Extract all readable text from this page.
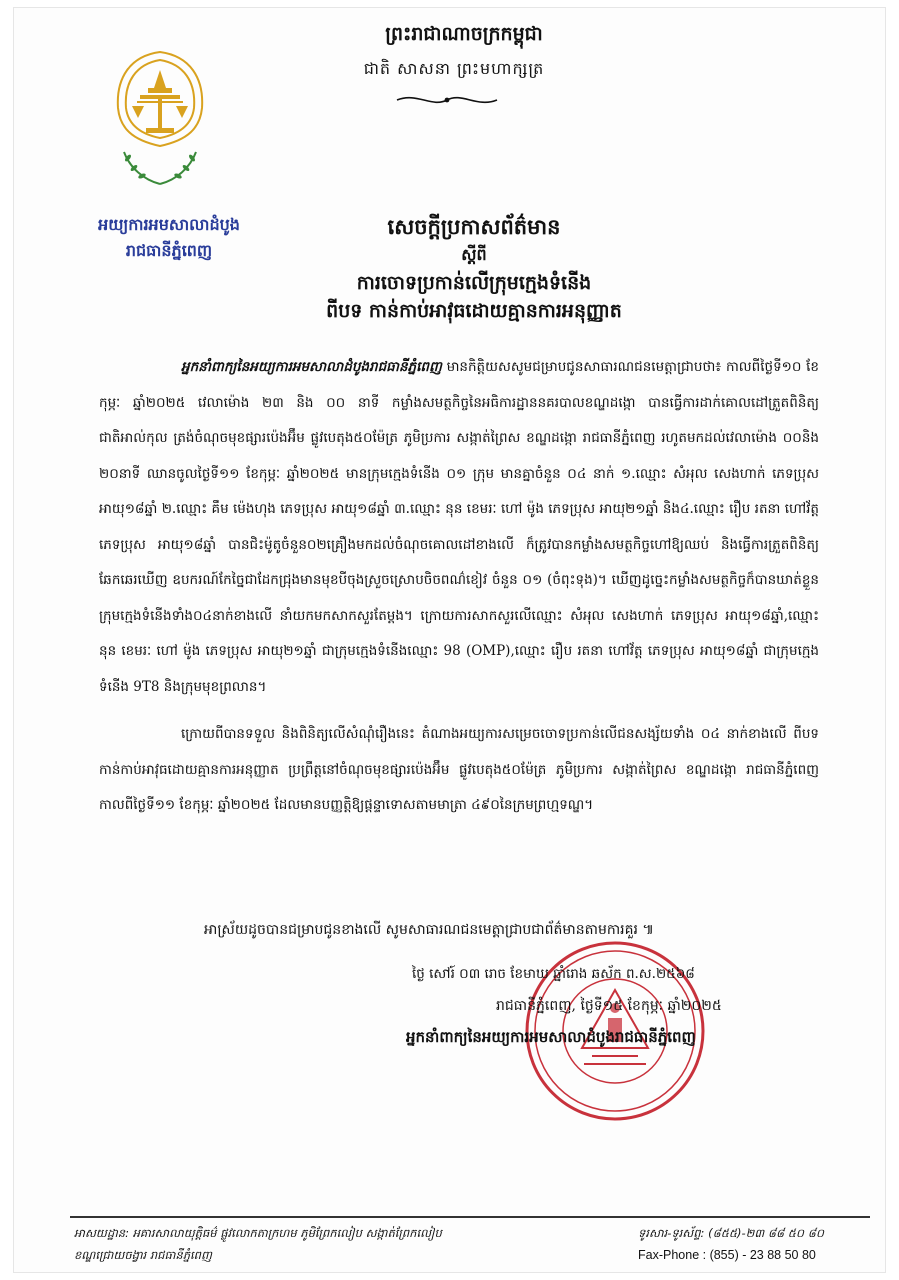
ព្រះរាជាណាចក្រកម្ពុជា
ជាតិ សាសនា ព្រះមហាក្សត្រ
អយ្យការអមសាលាដំបូង
រាជធានីភ្នំពេញ
សេចក្តីប្រកាសព័ត៌មាន
ស្តីពី
ការចោទប្រកាន់លើក្រុមក្មេងទំនើង
ពីបទ កាន់កាប់អាវុធដោយគ្មានការអនុញ្ញាត

អ្នកនាំពាក្យនៃអយ្យការអមសាលាដំបូងរាជធានីភ្នំពេញ មានកិត្តិយសសូមជម្រាបជូនសាធារណជនមេត្តាជ្រាបថា៖ កាលពីថ្ងៃទី១០ ខែកុម្ភៈ ឆ្នាំ២០២៥ វេលាម៉ោង ២៣ និង ០០ នាទី កម្លាំងសមត្ថកិច្ចនៃអធិការដ្ឋាននគរបាលខណ្ឌដង្កោ បានធ្វើការដាក់គោលដៅត្រួតពិនិត្យជាតិអាល់កុល ត្រង់ចំណុចមុខផ្សារប៉េងអ៊ឹម ផ្លូវបេតុង៥០ម៉ែត្រ ភូមិប្រការ សង្កាត់ព្រៃស ខណ្ឌដង្កោ រាជធានីភ្នំពេញ រហូតមកដល់វេលាម៉ោង ០០និង ២០នាទី ឈានចូលថ្ងៃទី១១ ខែកុម្ភៈ ឆ្នាំ២០២៥ មានក្រុមក្មេងទំនើង ០១ ក្រុម មានគ្នាចំនួន ០៤ នាក់ ១.ឈ្មោះ សំអុល សេងហាក់ ភេទប្រុស អាយុ១៨ឆ្នាំ ២.ឈ្មោះ គឹម ម៉េងហុង ភេទប្រុស អាយុ១៨ឆ្នាំ ៣.ឈ្មោះ នុន ខេមរៈ ហៅ ម៉ូង ភេទប្រុស អាយុ២១ឆ្នាំ និង៤.ឈ្មោះ រឿប រតនា ហៅវ័ត្ត ភេទប្រុស អាយុ១៨ឆ្នាំ បានជិះម៉ូតូចំនួន០២គ្រឿងមកដល់ចំណុចគោលដៅខាងលើ ក៏ត្រូវបានកម្លាំងសមត្ថកិច្ចហៅឱ្យឈប់ និងធ្វើការត្រួតពិនិត្យឆែកឆេរឃើញ ឧបករណ៍កែច្នៃជាដែកជ្រុងមានមុខបីចុងស្រួចស្រោបចិចពណ៌ខៀវ ចំនួន ០១ (ចំពុះទុង)។ ឃើញដូច្នេះកម្លាំងសមត្ថកិច្ចក៏បានឃាត់ខ្លួនក្រុមក្មេងទំនើងទាំង០៤នាក់ខាងលើ នាំយកមកសាកសួរតែម្តង។ ក្រោយការសាកសួរលើឈ្មោះ សំអុល សេងហាក់ ភេទប្រុស អាយុ១៨ឆ្នាំ,ឈ្មោះ នុន ខេមរៈ ហៅ ម៉ូង ភេទប្រុស អាយុ២១ឆ្នាំ ជាក្រុមក្មេងទំនើងឈ្មោះ 98 (OMP),ឈ្មោះ រឿប រតនា ហៅវ័ត្ត ភេទប្រុស អាយុ១៨ឆ្នាំ ជាក្រុមក្មេងទំនើង 9T8 និងក្រុមមុខព្រលាន។

ក្រោយពីបានទទួល និងពិនិត្យលើសំណុំរឿងនេះ តំណាងអយ្យការសម្រេចចោទប្រកាន់លើជនសង្ស័យទាំង ០៤ នាក់ខាងលើ ពីបទ កាន់កាប់អាវុធដោយគ្មានការអនុញ្ញាត ប្រព្រឹត្តនៅចំណុចមុខផ្សារប៉េងអ៊ឹម ផ្លូវបេតុង៥០ម៉ែត្រ ភូមិប្រការ សង្កាត់ព្រៃស ខណ្ឌដង្កោ រាជធានីភ្នំពេញ កាលពីថ្ងៃទី១១ ខែកុម្ភៈ ឆ្នាំ២០២៥ ដែលមានបញ្ញត្តិឱ្យផ្តន្ទាទោសតាមមាត្រា ៤៩០នៃក្រមព្រហ្មទណ្ឌ។

អាស្រ័យដូចបានជម្រាបជូនខាងលើ សូមសាធារណជនមេត្តាជ្រាបជាព័ត៌មានតាមការគួរ ៕
ថ្ងៃ សៅរ៍ ០៣ រោច ខែមាឃ ឆ្នាំរោង ឆស័ក ព.ស.២៥៦៨
រាជធានីភ្នំពេញ, ថ្ងៃទី១៥ ខែកុម្ភៈ ឆ្នាំ២០២៥
អ្នកនាំពាក្យនៃអយ្យការអមសាលាដំបូងរាជធានីភ្នំពេញ
អាសយដ្ឋាន: អគារសាលាយុត្តិធម៌ ផ្លូវលោកតាក្រហម ភូមិព្រែកលៀប សង្កាត់ព្រែកលៀប
ខណ្ឌជ្រោយចង្វារ រាជធានីភ្នំពេញ
ទូរសារ-ទូរស័ព្ទ: (៨៥៥)-២៣ ៨៨ ៥០ ៨០
Fax-Phone : (855) - 23 88 50 80
